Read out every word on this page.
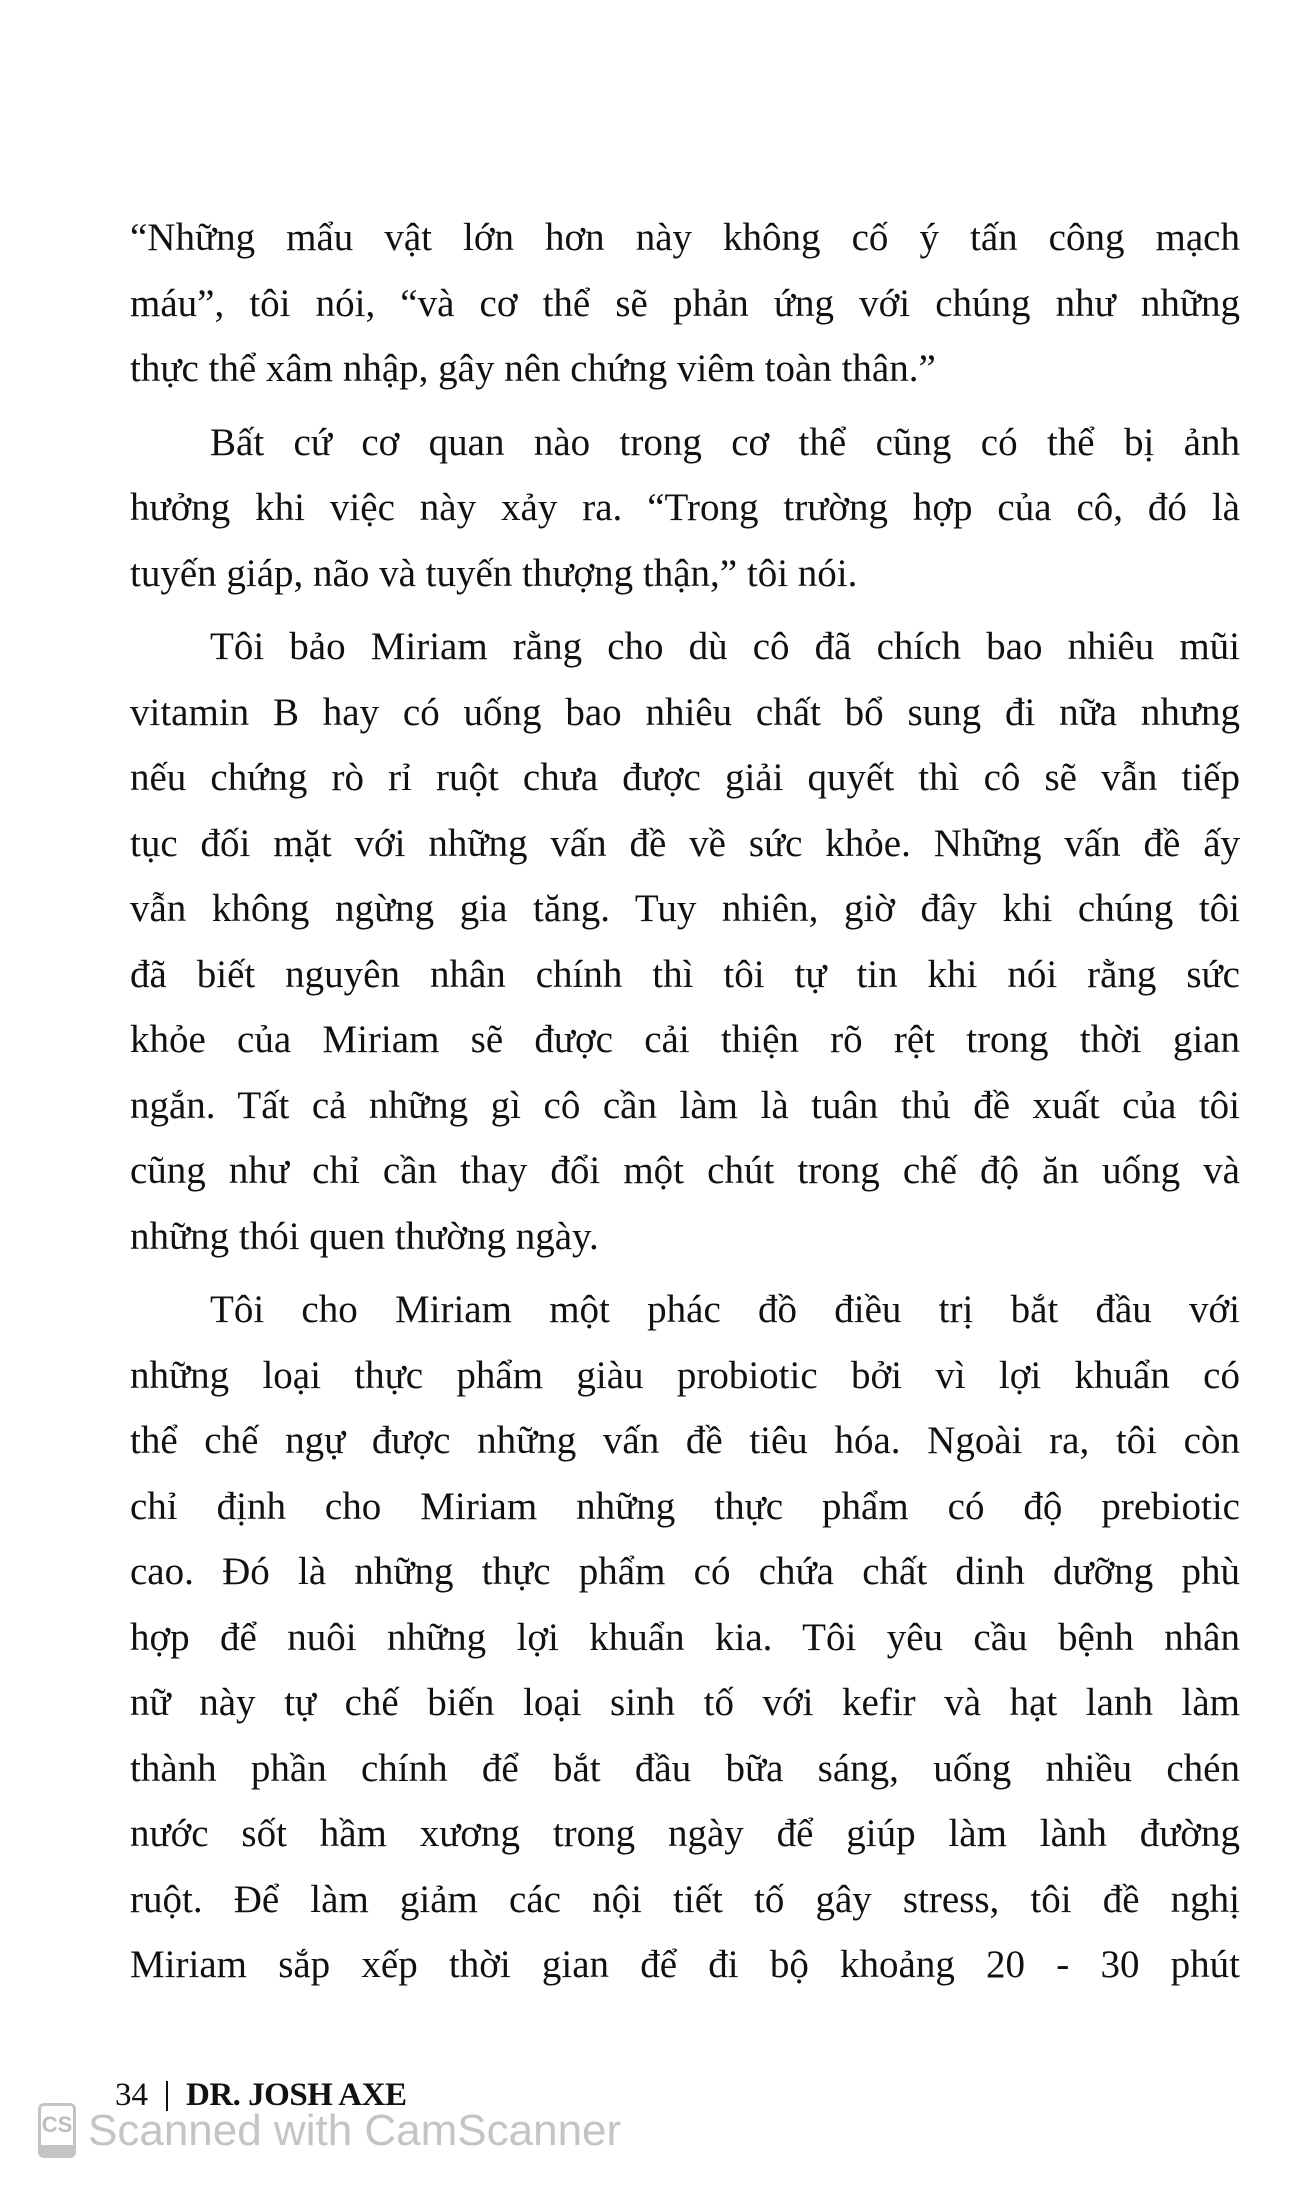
“Những mẩu vật lớn hơn này không cố ý tấn công mạch
máu”, tôi nói, “và cơ thể sẽ phản ứng với chúng như những
thực thể xâm nhập, gây nên chứng viêm toàn thân.”
Bất cứ cơ quan nào trong cơ thể cũng có thể bị ảnh
hưởng khi việc này xảy ra. “Trong trường hợp của cô, đó là
tuyến giáp, não và tuyến thượng thận,” tôi nói.
Tôi bảo Miriam rằng cho dù cô đã chích bao nhiêu mũi
vitamin B hay có uống bao nhiêu chất bổ sung đi nữa nhưng
nếu chứng rò rỉ ruột chưa được giải quyết thì cô sẽ vẫn tiếp
tục đối mặt với những vấn đề về sức khỏe. Những vấn đề ấy
vẫn không ngừng gia tăng. Tuy nhiên, giờ đây khi chúng tôi
đã biết nguyên nhân chính thì tôi tự tin khi nói rằng sức
khỏe của Miriam sẽ được cải thiện rõ rệt trong thời gian
ngắn. Tất cả những gì cô cần làm là tuân thủ đề xuất của tôi
cũng như chỉ cần thay đổi một chút trong chế độ ăn uống và
những thói quen thường ngày.
Tôi cho Miriam một phác đồ điều trị bắt đầu với
những loại thực phẩm giàu probiotic bởi vì lợi khuẩn có
thể chế ngự được những vấn đề tiêu hóa. Ngoài ra, tôi còn
chỉ định cho Miriam những thực phẩm có độ prebiotic
cao. Đó là những thực phẩm có chứa chất dinh dưỡng phù
hợp để nuôi những lợi khuẩn kia. Tôi yêu cầu bệnh nhân
nữ này tự chế biến loại sinh tố với kefir và hạt lanh làm
thành phần chính để bắt đầu bữa sáng, uống nhiều chén
nước sốt hầm xương trong ngày để giúp làm lành đường
ruột. Để làm giảm các nội tiết tố gây stress, tôi đề nghị
Miriam sắp xếp thời gian để đi bộ khoảng 20 - 30 phút
34 DR. JOSH AXE
CS Scanned with CamScanner
